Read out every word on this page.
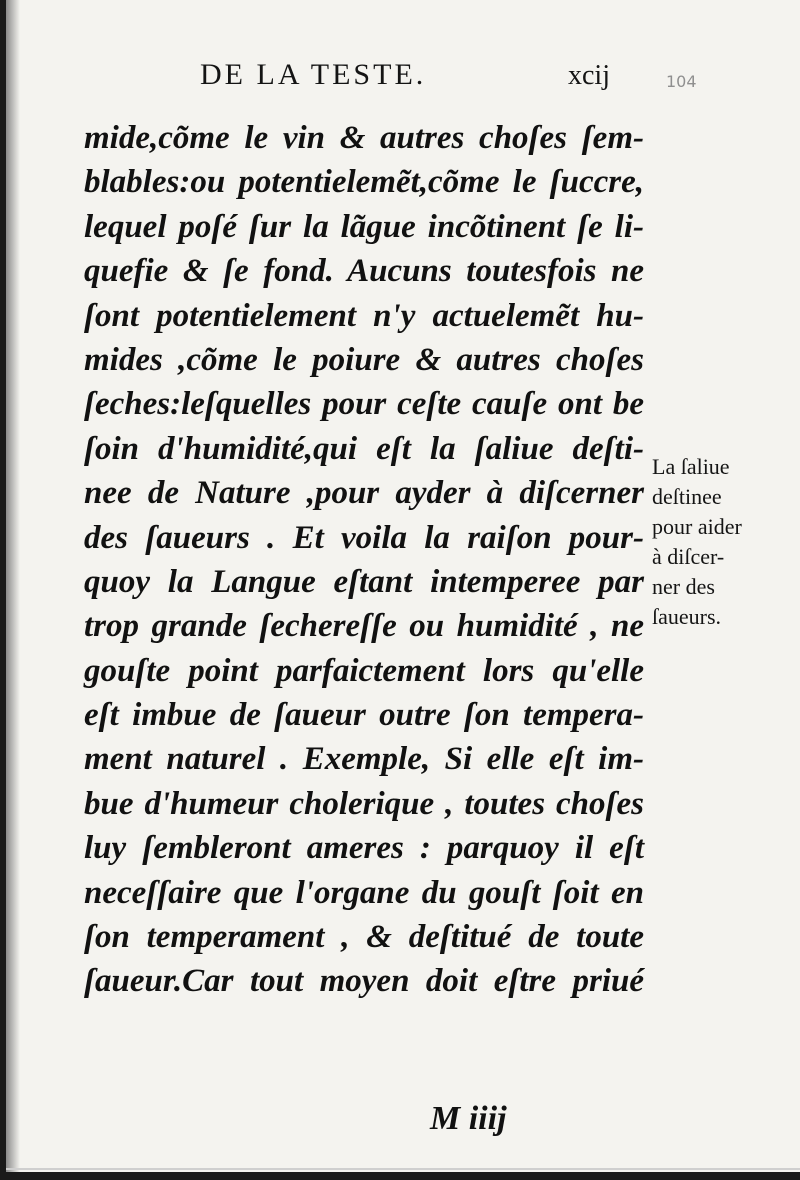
DE LA TESTE.	xcij	104
mide,cõme le vin & autres choſes ſem-
blables:ou potentielemẽt,cõme le ſuccre,
lequel poſé ſur la lãgue incõtinent ſe li-
quefie & ſe fond. Aucuns toutesfois ne
ſont potentielement n'y actuelemẽt hu-
mides ,cõme le poiure & autres choſes
ſeches:leſquelles pour ceſte cauſe ont be
ſoin d'humidité,qui eſt la ſaliue deſti-
nee de Nature ,pour ayder à diſcerner
des ſaueurs . Et voila la raiſon pour-
quoy la Langue eſtant intemperee par
trop grande ſechereſſe ou humidité , ne
gouſte point parfaictement lors qu'elle
eſt imbue de ſaueur outre ſon tempera-
ment naturel . Exemple, Si elle eſt im-
bue d'humeur cholerique , toutes choſes
luy ſembleront ameres : parquoy il eſt
neceſſaire que l'organe du gouſt ſoit en
ſon temperament , & deſtitué de toute
ſaueur.Car tout moyen doit eſtre priué
La ſaliue
deſtinee
pour aider
à diſcer-
ner des
ſaueurs.
M iiij
